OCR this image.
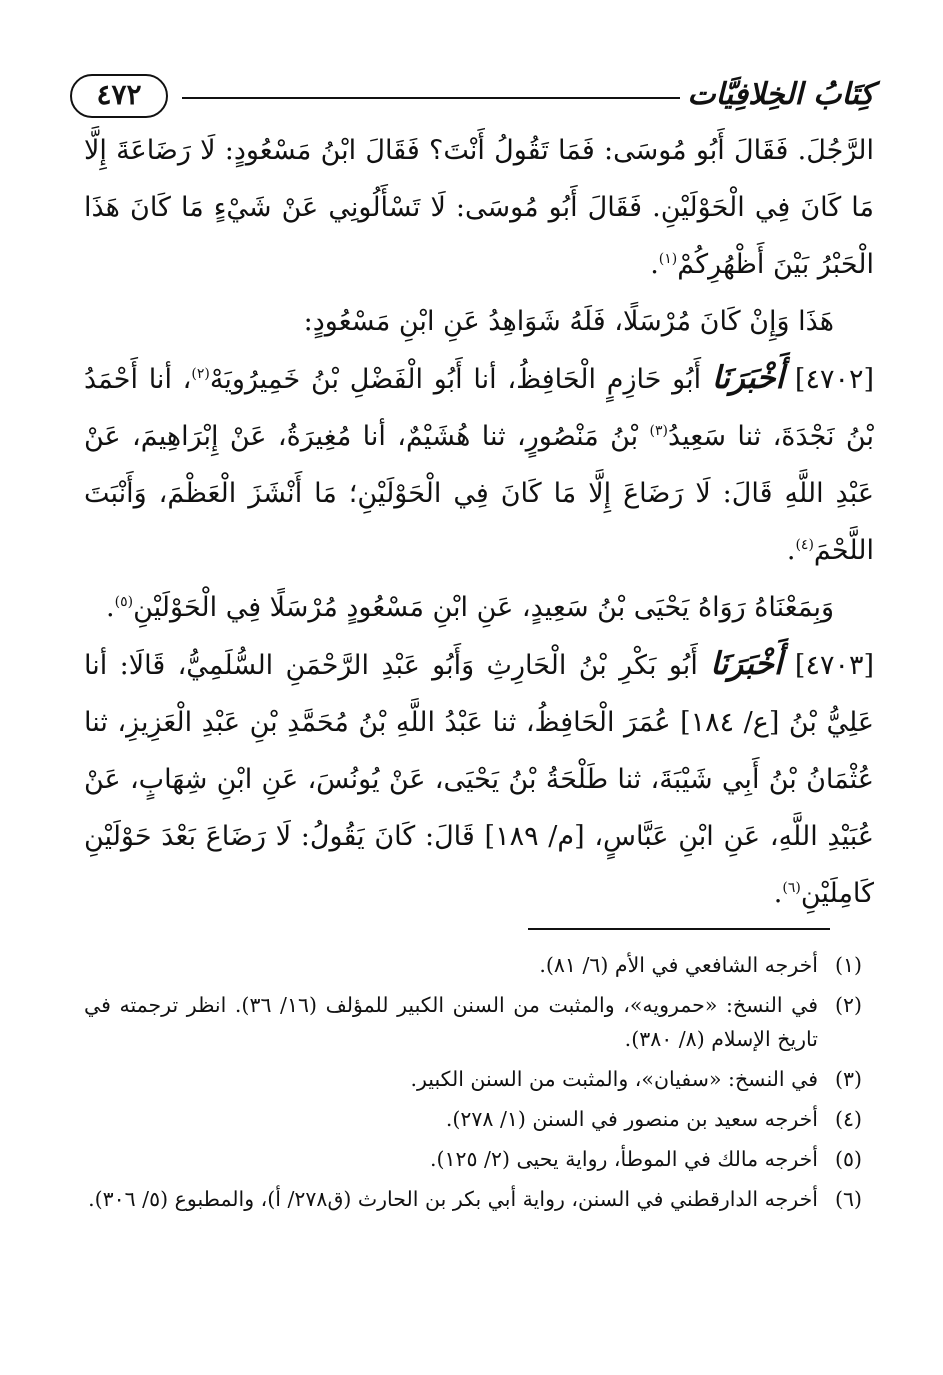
٤٧٢	كِتَابُ الخِلافِيَّات

الرَّجُلَ. فَقَالَ أَبُو مُوسَى: فَمَا تَقُولُ أَنْتَ؟ فَقَالَ ابْنُ مَسْعُودٍ: لَا رَضَاعَةَ إِلَّا مَا كَانَ فِي الْحَوْلَيْنِ. فَقَالَ أَبُو مُوسَى: لَا تَسْأَلُونِي عَنْ شَيْءٍ مَا كَانَ هَذَا الْحَبْرُ بَيْنَ أَظْهُرِكُمْ$^{(١)}$.

هَذَا وَإِنْ كَانَ مُرْسَلًا، فَلَهُ شَوَاهِدُ عَنِ ابْنِ مَسْعُودٍ:

[٤٧٠٢] أَخْبَرَنَا أَبُو حَازِمٍ الْحَافِظُ، أنا أَبُو الْفَضْلِ بْنُ خَمِيرُويَهْ$^{(٢)}$، أنا أَحْمَدُ بْنُ نَجْدَةَ، ثنا سَعِيدُ$^{(٣)}$ بْنُ مَنْصُورٍ، ثنا هُشَيْمٌ، أنا مُغِيرَةُ، عَنْ إِبْرَاهِيمَ، عَنْ عَبْدِ اللَّهِ قَالَ: لَا رَضَاعَ إِلَّا مَا كَانَ فِي الْحَوْلَيْنِ؛ مَا أَنْشَزَ الْعَظْمَ، وَأَنْبَتَ اللَّحْمَ$^{(٤)}$.

وَبِمَعْنَاهُ رَوَاهُ يَحْيَى بْنُ سَعِيدٍ، عَنِ ابْنِ مَسْعُودٍ مُرْسَلًا فِي الْحَوْلَيْنِ$^{(٥)}$.

[٤٧٠٣] أَخْبَرَنَا أَبُو بَكْرِ بْنُ الْحَارِثِ وَأَبُو عَبْدِ الرَّحْمَنِ السُّلَمِيُّ، قَالَا: أنا عَلِيُّ بْنُ [ع/ ١٨٤] عُمَرَ الْحَافِظُ، ثنا عَبْدُ اللَّهِ بْنُ مُحَمَّدِ بْنِ عَبْدِ الْعَزِيزِ، ثنا عُثْمَانُ بْنُ أَبِي شَيْبَةَ، ثنا طَلْحَةُ بْنُ يَحْيَى، عَنْ يُونُسَ، عَنِ ابْنِ شِهَابٍ، عَنْ عُبَيْدِ اللَّهِ، عَنِ ابْنِ عَبَّاسٍ، [م/ ١٨٩] قَالَ: كَانَ يَقُولُ: لَا رَضَاعَ بَعْدَ حَوْلَيْنِ كَامِلَيْنِ$^{(٦)}$.

(١)
أخرجه الشافعي في الأم (٦/ ٨١).
(٢)
في النسخ: «حمرويه»، والمثبت من السنن الكبير للمؤلف (١٦/ ٣٦). انظر ترجمته في تاريخ الإسلام (٨/ ٣٨٠).
(٣)
في النسخ: «سفيان»، والمثبت من السنن الكبير.
(٤)
أخرجه سعيد بن منصور في السنن (١/ ٢٧٨).
(٥)
أخرجه مالك في الموطأ، رواية يحيى (٢/ ١٢٥).
(٦)
أخرجه الدارقطني في السنن، رواية أبي بكر بن الحارث (ق٢٧٨/ أ)، والمطبوع (٥/ ٣٠٦).
